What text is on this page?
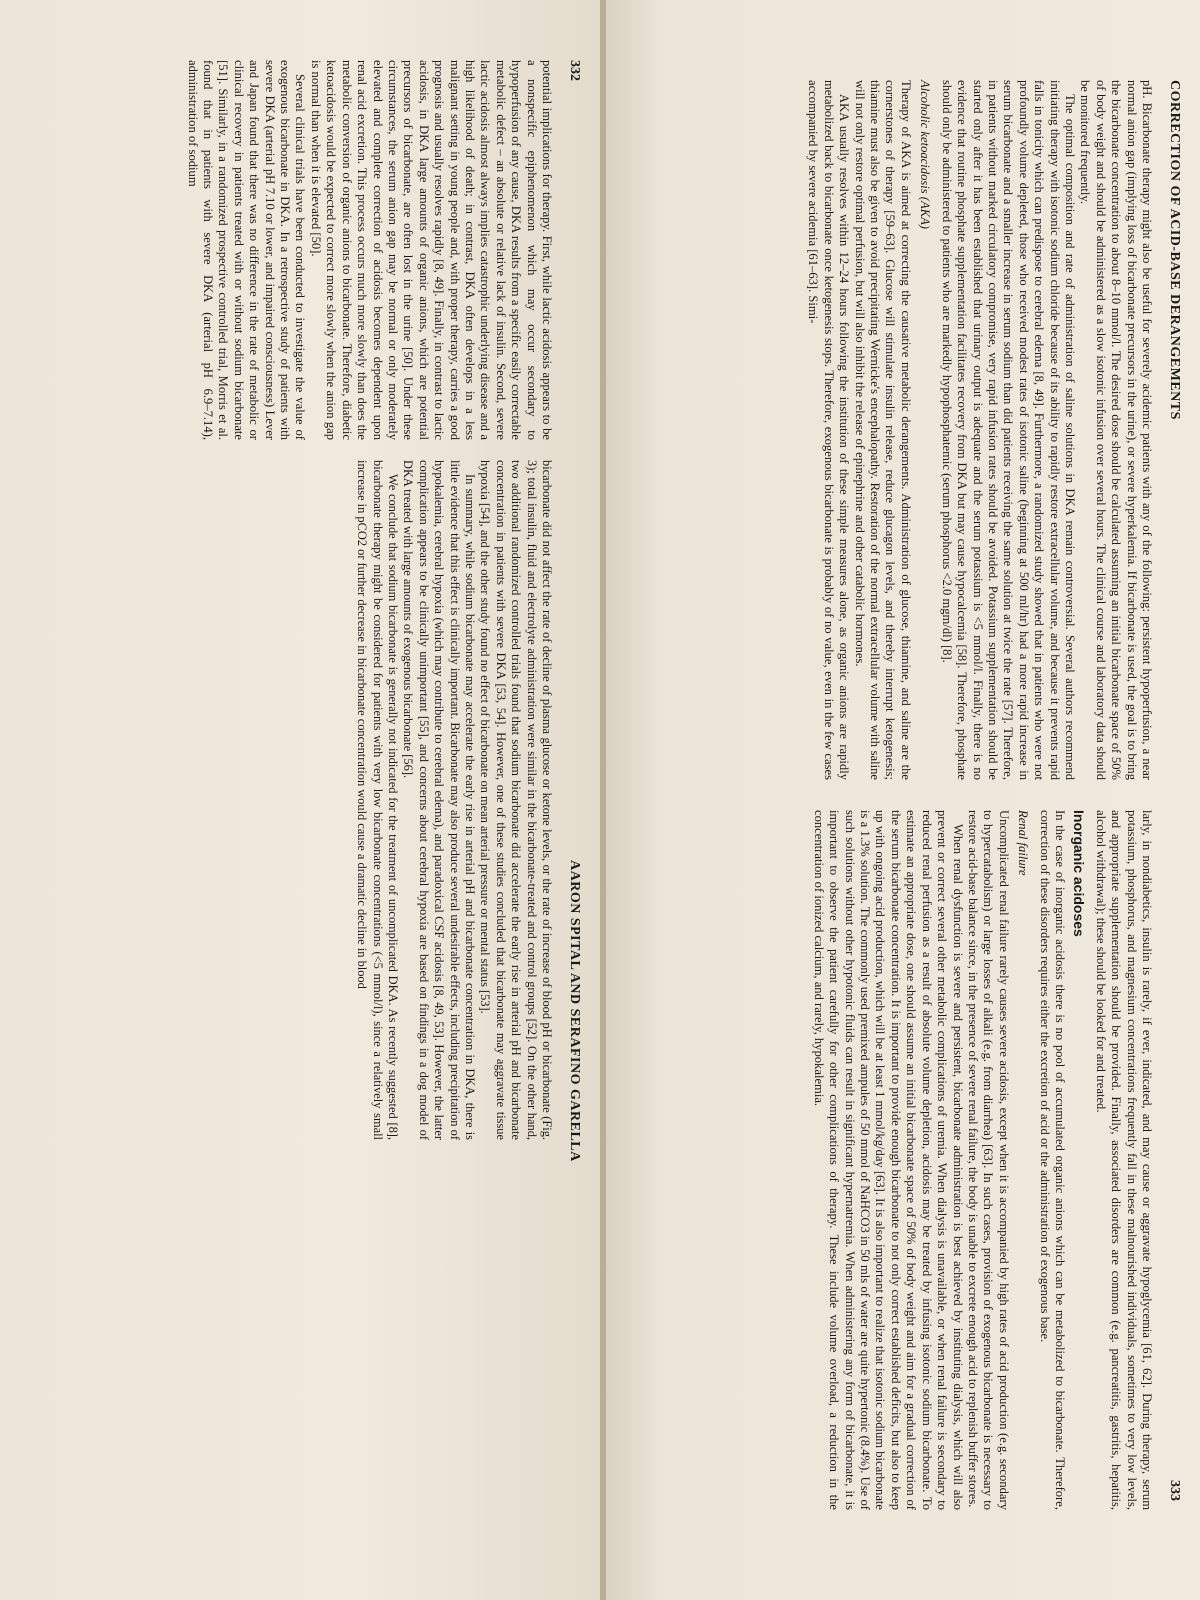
332
AARON SPITAL AND SERAFINO GARELLA

potential implications for therapy. First, while lactic acidosis appears to be a nonspecific epiphenomenon which may occur secondary to hypoperfusion of any cause, DKA results from a specific easily correctable metabolic defect – an absolute or relative lack of insulin. Second, severe lactic acidosis almost always implies catastrophic underlying disease and a high likelihood of death; in contrast, DKA often develops in a less malignant setting in young people and, with proper therapy, carries a good prognosis and usually resolves rapidly [8, 49]. Finally, in contrast to lactic acidosis, in DKA large amounts of organic anions, which are potential precursors of bicarbonate, are often lost in the urine [50]. Under these circumstances, the serum anion gap may be normal or only moderately elevated and complete correction of acidosis becomes dependent upon renal acid excretion. This process occurs much more slowly than does the metabolic conversion of organic anions to bicarbonate. Therefore, diabetic ketoacidosis would be expected to correct more slowly when the anion gap is normal than when it is elevated [50].

Several clinical trials have been conducted to investigate the value of exogenous bicarbonate in DKA. In a retrospective study of patients with severe DKA (arterial pH 7.10 or lower, and impaired consciousness) Lever and Japan found that there was no difference in the rate of metabolic or clinical recovery in patients treated with or without sodium bicarbonate [51]. Similarly, in a randomized prospective controlled trial, Morris et al. found that in patients with severe DKA (arterial pH 6.9–7.14), administration of sodium

bicarbonate did not affect the rate of decline of plasma glucose or ketone levels, or the rate of increase of blood pH or bicarbonate (Fig. 3); total insulin, fluid and electrolyte administration were similar in the bicarbonate-treated and control groups [52]. On the other hand, two additional randomized controlled trials found that sodium bicarbonate did accelerate the early rise in arterial pH and bicarbonate concentration in patients with severe DKA [53, 54]. However, one of these studies concluded that bicarbonate may aggravate tissue hypoxia [54], and the other study found no effect of bicarbonate on mean arterial pressure or mental status [53].

In summary, while sodium bicarbonate may accelerate the early rise in arterial pH and bicarbonate concentration in DKA, there is little evidence that this effect is clinically important. Bicarbonate may also produce several undesirable effects, including precipitation of hypokalemia, cerebral hypoxia (which may contribute to cerebral edema), and paradoxical CSF acidosis [8, 49, 53]. However, the latter complication appears to be clinically unimportant [55], and concerns about cerebral hypoxia are based on findings in a dog model of DKA treated with large amounts of exogenous bicarbonate [56].

We conclude that sodium bicarbonate is generally not indicated for the treatment of uncomplicated DKA. As recently suggested [8], bicarbonate therapy might be considered for patients with very low bicarbonate concentrations (<5 mmol/l), since a relatively small increase in pCO2 or further decrease in bicarbonate concentration would cause a dramatic decline in blood

CORRECTION OF ACID-BASE DERANGEMENTS
333

pH. Bicarbonate therapy might also be useful for severely acidemic patients with any of the following: persistent hypoperfusion, a near normal anion gap (implying loss of bicarbonate precursors in the urine), or severe hyperkalemia. If bicarbonate is used, the goal is to bring the bicarbonate concentration to about 8–10 mmol/l. The desired dose should be calculated assuming an initial bicarbonate space of 50% of body weight and should be administered as a slow isotonic infusion over several hours. The clinical course and laboratory data should be monitored frequently.

The optimal composition and rate of administration of saline solutions in DKA remain controversial. Several authors recommend initiating therapy with isotonic sodium chloride because of its ability to rapidly restore extracellular volume, and because it prevents rapid falls in tonicity which can predispose to cerebral edema [8, 49]. Furthermore, a randomized study showed that in patients who were not profoundly volume depleted, those who received modest rates of isotonic saline (beginning at 500 ml/hr) had a more rapid increase in serum bicarbonate and a smaller increase in serum sodium than did patients receiving the same solution at twice the rate [57]. Therefore, in patients without marked circulatory compromise, very rapid infusion rates should be avoided. Potassium supplementation should be started only after it has been established that urinary output is adequate and the serum potassium is <5 mmol/l. Finally, there is no evidence that routine phosphate supplementation facilitates recovery from DKA but may cause hypocalcemia [58]. Therefore, phosphate should only be administered to patients who are markedly hypophosphatemic (serum phosphorus <2.0 mgm/dl) [8].

Alcoholic ketoacidosis (AKA)

Therapy of AKA is aimed at correcting the causative metabolic derangements. Administration of glucose, thiamine, and saline are the cornerstones of therapy [59–63]. Glucose will stimulate insulin release, reduce glucagon levels, and thereby interrupt ketogenesis; thiamine must also be given to avoid precipitating Wernicke's encephalopathy. Restoration of the normal extracellular volume with saline will not only restore optimal perfusion, but will also inhibit the release of epinephrine and other catabolic hormones.

AKA usually resolves within 12–24 hours following the institution of these simple measures alone, as organic anions are rapidly metabolized back to bicarbonate once ketogenesis stops. Therefore, exogenous bicarbonate is probably of no value, even in the few cases accompanied by severe acidemia [61–63]. Simi-

larly, in nondiabetics, insulin is rarely, if ever, indicated, and may cause or aggravate hypoglycemia [61, 62]. During therapy, serum potassium, phosphorus, and magnesium concentrations frequently fall in these malnourished individuals, sometimes to very low levels, and appropriate supplementation should be provided. Finally, associated disorders are common (e.g. pancreatitis, gastritis, hepatitis, alcohol withdrawal); these should be looked for and treated.

Inorganic acidoses

In the case of inorganic acidosis there is no pool of accumulated organic anions which can be metabolized to bicarbonate. Therefore, correction of these disorders requires either the excretion of acid or the administration of exogenous base.

Renal failure

Uncomplicated renal failure rarely causes severe acidosis, except when it is accompanied by high rates of acid production (e.g. secondary to hypercatabolism) or large losses of alkali (e.g. from diarrhea) [63]. In such cases, provision of exogenous bicarbonate is necessary to restore acid-base balance since, in the presence of severe renal failure, the body is unable to excrete enough acid to replenish buffer stores.

When renal dysfunction is severe and persistent, bicarbonate administration is best achieved by instituting dialysis, which will also prevent or correct several other metabolic complications of uremia. When dialysis is unavailable, or when renal failure is secondary to reduced renal perfusion as a result of absolute volume depletion, acidosis may be treated by infusing isotonic sodium bicarbonate. To estimate an appropriate dose, one should assume an initial bicarbonate space of 50% of body weight and aim for a gradual correction of the serum bicarbonate concentration. It is important to provide enough bicarbonate to not only correct established deficits, but also to keep up with ongoing acid production, which will be at least 1 mmol/kg/day [63]. It is also important to realize that isotonic sodium bicarbonate is a 1.3% solution. The commonly used premixed ampules of 50 mmol of NaHCO3 in 50 mls of water are quite hypertonic (8.4%). Use of such solutions without other hypotonic fluids can result in significant hypernatremia. When administering any form of bicarbonate, it is important to observe the patient carefully for other complications of therapy. These include volume overload, a reduction in the concentration of ionized calcium, and rarely, hypokalemia.
